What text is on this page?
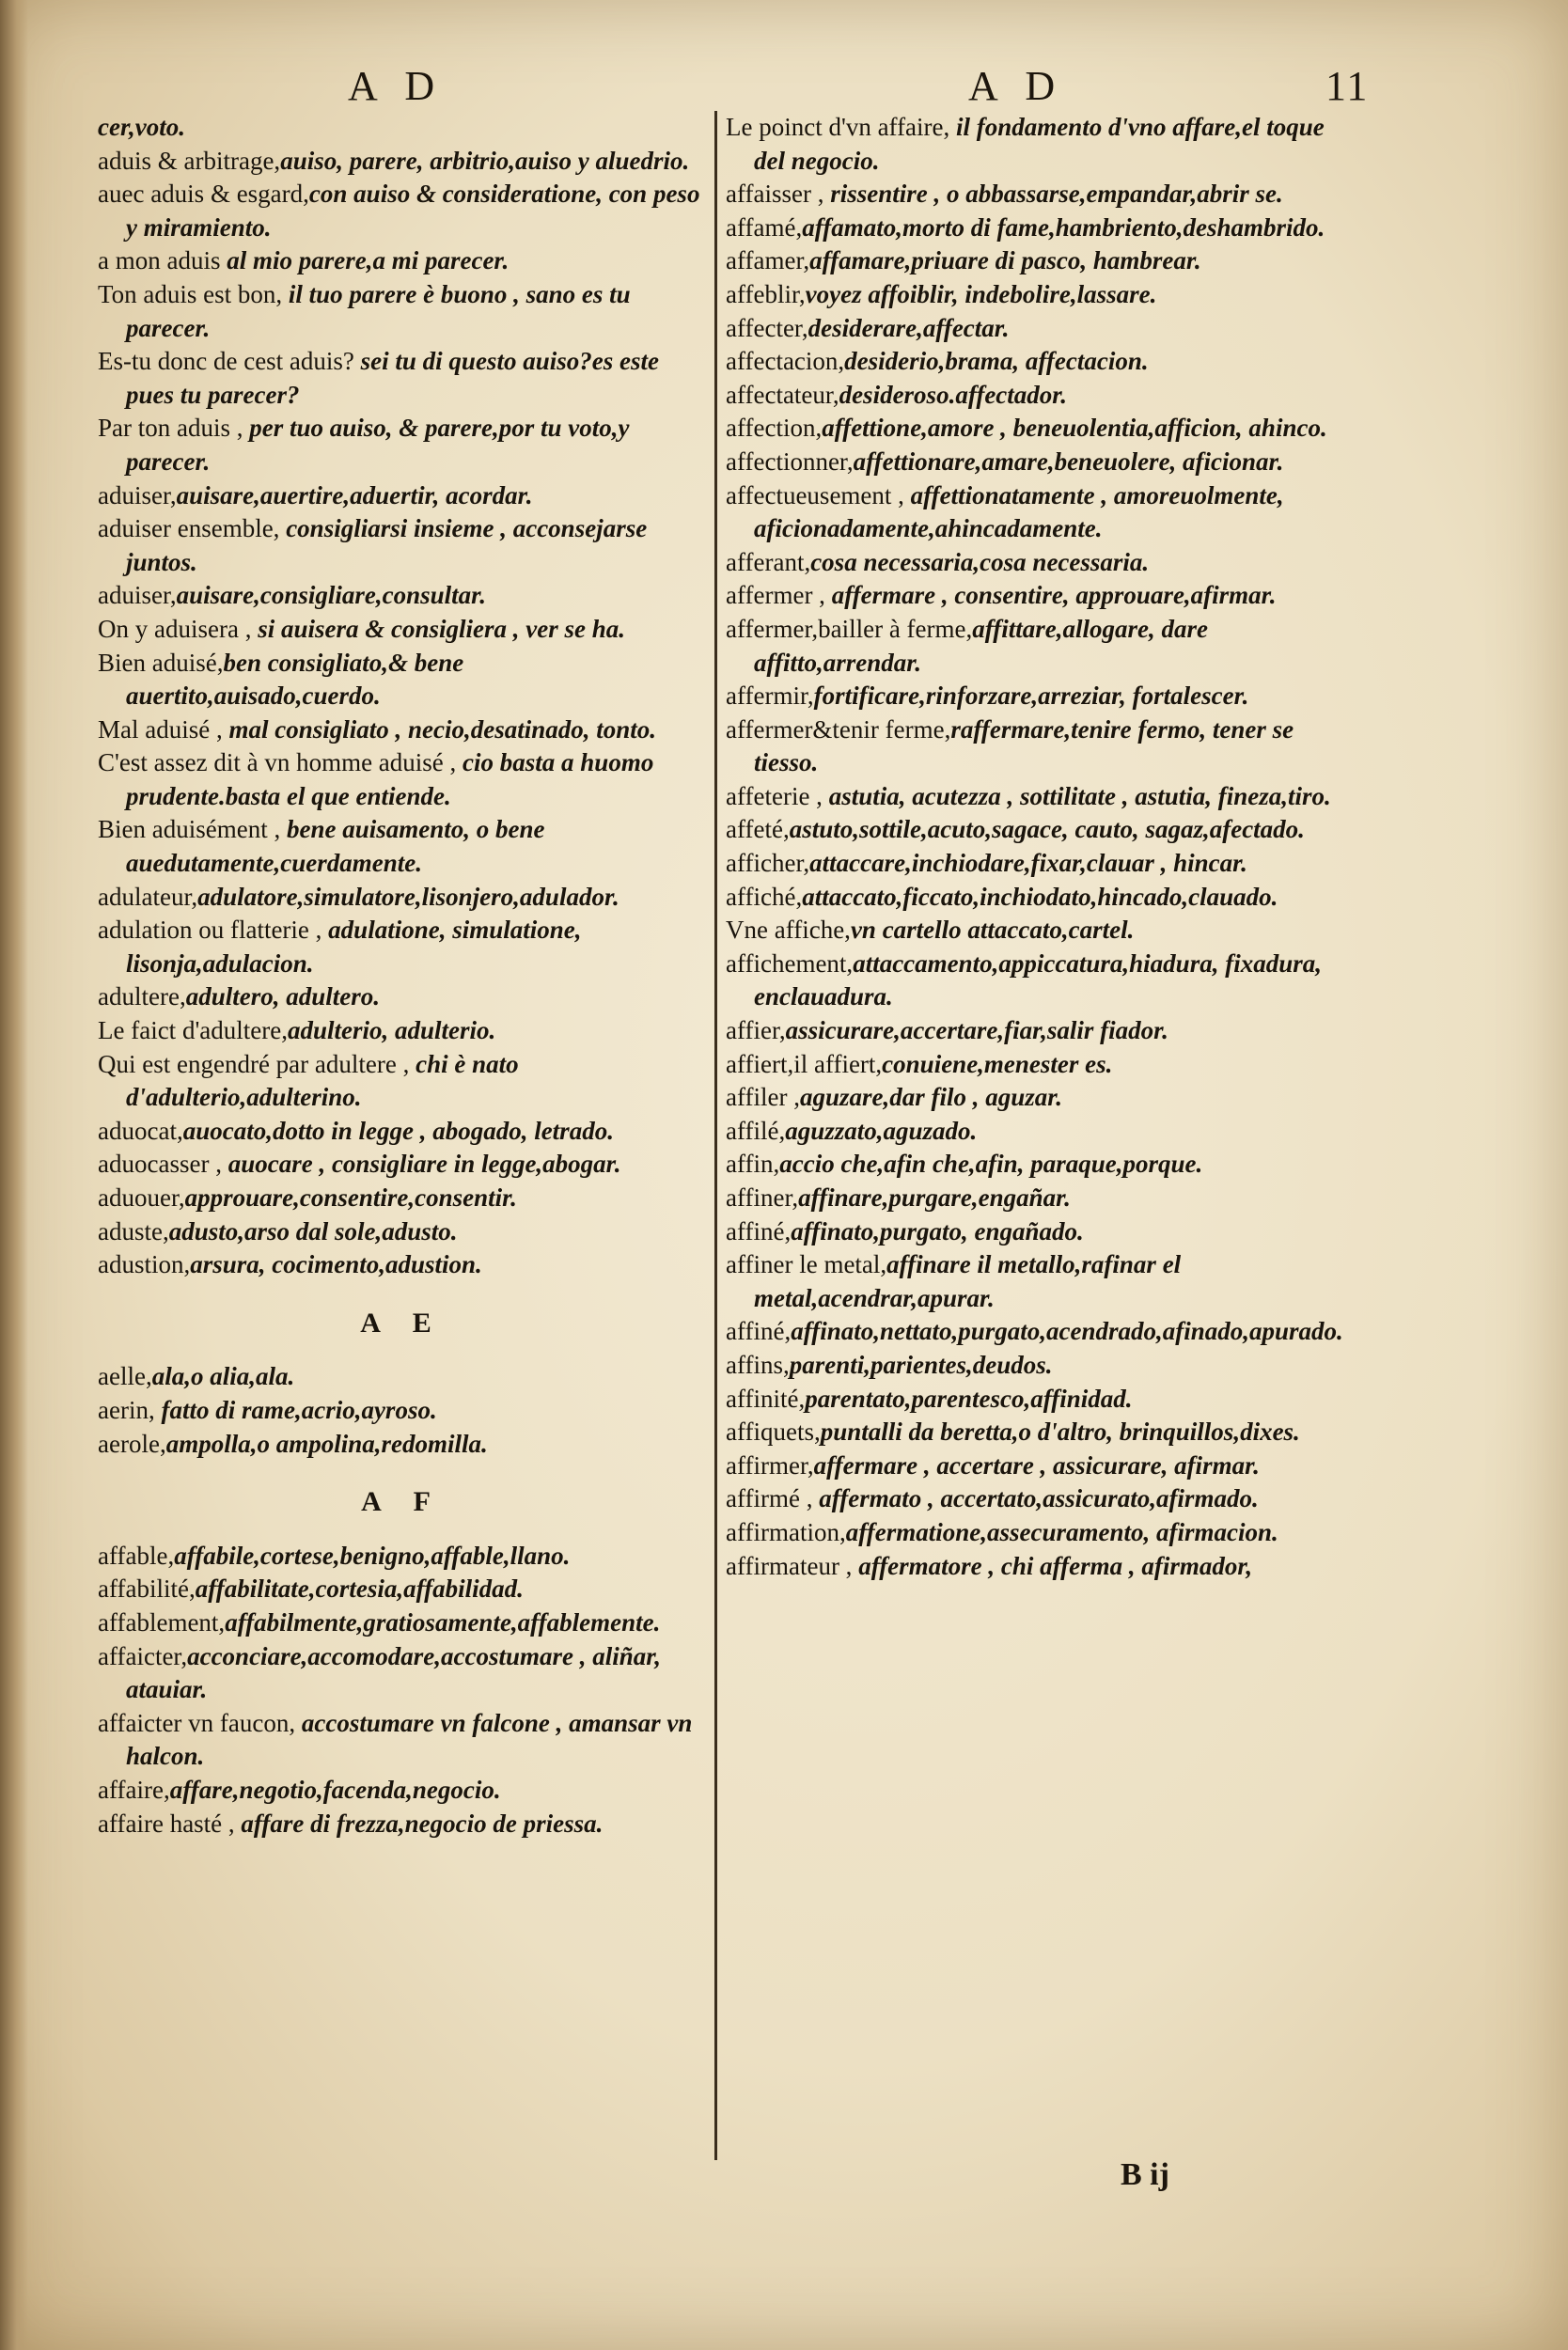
A D	A D	11

cer,voto.

aduis & arbitrage,auiso, parere, arbitrio,auiso y aluedrio.

auec aduis & esgard,con auiso & consideratione, con peso y miramiento.

a mon aduis al mio parere,a mi parecer.

Ton aduis est bon, il tuo parere è buono , sano es tu parecer.

Es-tu donc de cest aduis? sei tu di questo auiso?es este pues tu parecer?

Par ton aduis , per tuo auiso, & parere,por tu voto,y parecer.

aduiser,auisare,auertire,aduertir, acordar.

aduiser ensemble, consigliarsi insieme , acconsejarse juntos.

aduiser,auisare,consigliare,consultar.

On y aduisera , si auisera & consigliera , ver se ha.

Bien aduisé,ben consigliato,& bene auertito,auisado,cuerdo.

Mal aduisé , mal consigliato , necio,desatinado, tonto.

C'est assez dit à vn homme aduisé , cio basta a huomo prudente.basta el que entiende.

Bien aduisément , bene auisamento, o bene auedutamente,cuerdamente.

adulateur,adulatore,simulatore,lisonjero,adulador.

adulation ou flatterie , adulatione, simulatione, lisonja,adulacion.

adultere,adultero, adultero.

Le faict d'adultere,adulterio, adulterio.

Qui est engendré par adultere , chi è nato d'adulterio,adulterino.

aduocat,auocato,dotto in legge , abogado, letrado.

aduocasser , auocare , consigliare in legge,abogar.

aduouer,approuare,consentire,consentir.

aduste,adusto,arso dal sole,adusto.

adustion,arsura, cocimento,adustion.

A E

aelle,ala,o alia,ala.

aerin, fatto di rame,acrio,ayroso.

aerole,ampolla,o ampolina,redomilla.

A F

affable,affabile,cortese,benigno,affable,llano.

affabilité,affabilitate,cortesia,affabilidad.

affablement,affabilmente,gratiosamente,affablemente.

affaicter,acconciare,accomodare,accostumare , aliñar, atauiar.

affaicter vn faucon, accostumare vn falcone , amansar vn halcon.

affaire,affare,negotio,facenda,negocio.

affaire hasté , affare di frezza,negocio de priessa.

Le poinct d'vn affaire, il fondamento d'vno affare,el toque del negocio.

affaisser , rissentire , o abbassarse,empandar,abrir se.

affamé,affamato,morto di fame,hambriento,deshambrido.

affamer,affamare,priuare di pasco, hambrear.

affeblir,voyez affoiblir, indebolire,lassare.

affecter,desiderare,affectar.

affectacion,desiderio,brama, affectacion.

affectateur,desideroso.affectador.

affection,affettione,amore , beneuolentia,afficion, ahinco.

affectionner,affettionare,amare,beneuolere, aficionar.

affectueusement , affettionatamente , amoreuolmente, aficionadamente,ahincadamente.

afferant,cosa necessaria,cosa necessaria.

affermer , affermare , consentire, approuare,afirmar.

affermer,bailler à ferme,affittare,allogare, dare affitto,arrendar.

affermir,fortificare,rinforzare,arreziar, fortalescer.

affermer&tenir ferme,raffermare,tenire fermo, tener se tiesso.

affeterie , astutia, acutezza , sottilitate , astutia, fineza,tiro.

affeté,astuto,sottile,acuto,sagace, cauto, sagaz,afectado.

afficher,attaccare,inchiodare,fixar,clauar , hincar.

affiché,attaccato,ficcato,inchiodato,hincado,clauado.

Vne affiche,vn cartello attaccato,cartel.

affichement,attaccamento,appiccatura,hiadura, fixadura, enclauadura.

affier,assicurare,accertare,fiar,salir fiador.

affiert,il affiert,conuiene,menester es.

affiler ,aguzare,dar filo , aguzar.

affilé,aguzzato,aguzado.

affin,accio che,afin che,afin, paraque,porque.

affiner,affinare,purgare,engañar.

affiné,affinato,purgato, engañado.

affiner le metal,affinare il metallo,rafinar el metal,acendrar,apurar.

affiné,affinato,nettato,purgato,acendrado,afinado,apurado.

affins,parenti,parientes,deudos.

affinité,parentato,parentesco,affinidad.

affiquets,puntalli da beretta,o d'altro, brinquillos,dixes.

affirmer,affermare , accertare , assicurare, afirmar.

affirmé , affermato , accertato,assicurato,afirmado.

affirmation,affermatione,assecuramento, afirmacion.

affirmateur , affermatore , chi afferma , afirmador,

B ij
